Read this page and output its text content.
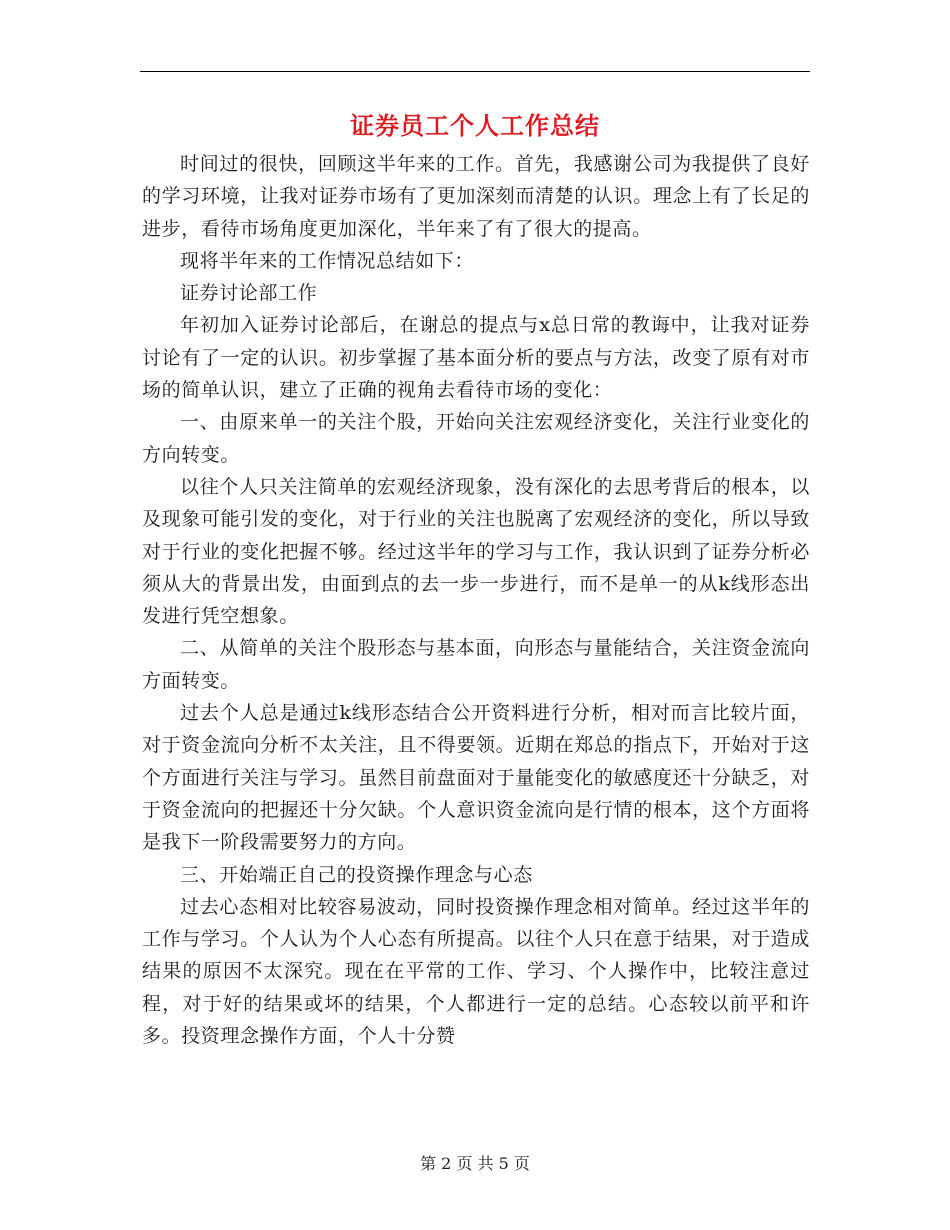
证券员工个人工作总结

时间过的很快，回顾这半年来的工作。首先，我感谢公司为我提供了良好的学习环境，让我对证券市场有了更加深刻而清楚的认识。理念上有了长足的进步，看待市场角度更加深化，半年来了有了很大的提高。

现将半年来的工作情况总结如下：

证券讨论部工作

年初加入证券讨论部后，在谢总的提点与x总日常的教诲中，让我对证券讨论有了一定的认识。初步掌握了基本面分析的要点与方法，改变了原有对市场的简单认识，建立了正确的视角去看待市场的变化：

一、由原来单一的关注个股，开始向关注宏观经济变化，关注行业变化的方向转变。

以往个人只关注简单的宏观经济现象，没有深化的去思考背后的根本，以及现象可能引发的变化，对于行业的关注也脱离了宏观经济的变化，所以导致对于行业的变化把握不够。经过这半年的学习与工作，我认识到了证券分析必须从大的背景出发，由面到点的去一步一步进行，而不是单一的从k线形态出发进行凭空想象。

二、从简单的关注个股形态与基本面，向形态与量能结合，关注资金流向方面转变。

过去个人总是通过k线形态结合公开资料进行分析，相对而言比较片面，对于资金流向分析不太关注，且不得要领。近期在郑总的指点下，开始对于这个方面进行关注与学习。虽然目前盘面对于量能变化的敏感度还十分缺乏，对于资金流向的把握还十分欠缺。个人意识资金流向是行情的根本，这个方面将是我下一阶段需要努力的方向。

三、开始端正自己的投资操作理念与心态

过去心态相对比较容易波动，同时投资操作理念相对简单。经过这半年的工作与学习。个人认为个人心态有所提高。以往个人只在意于结果，对于造成结果的原因不太深究。现在在平常的工作、学习、个人操作中，比较注意过程，对于好的结果或坏的结果，个人都进行一定的总结。心态较以前平和许多。投资理念操作方面，个人十分赞

第 2 页 共 5 页
